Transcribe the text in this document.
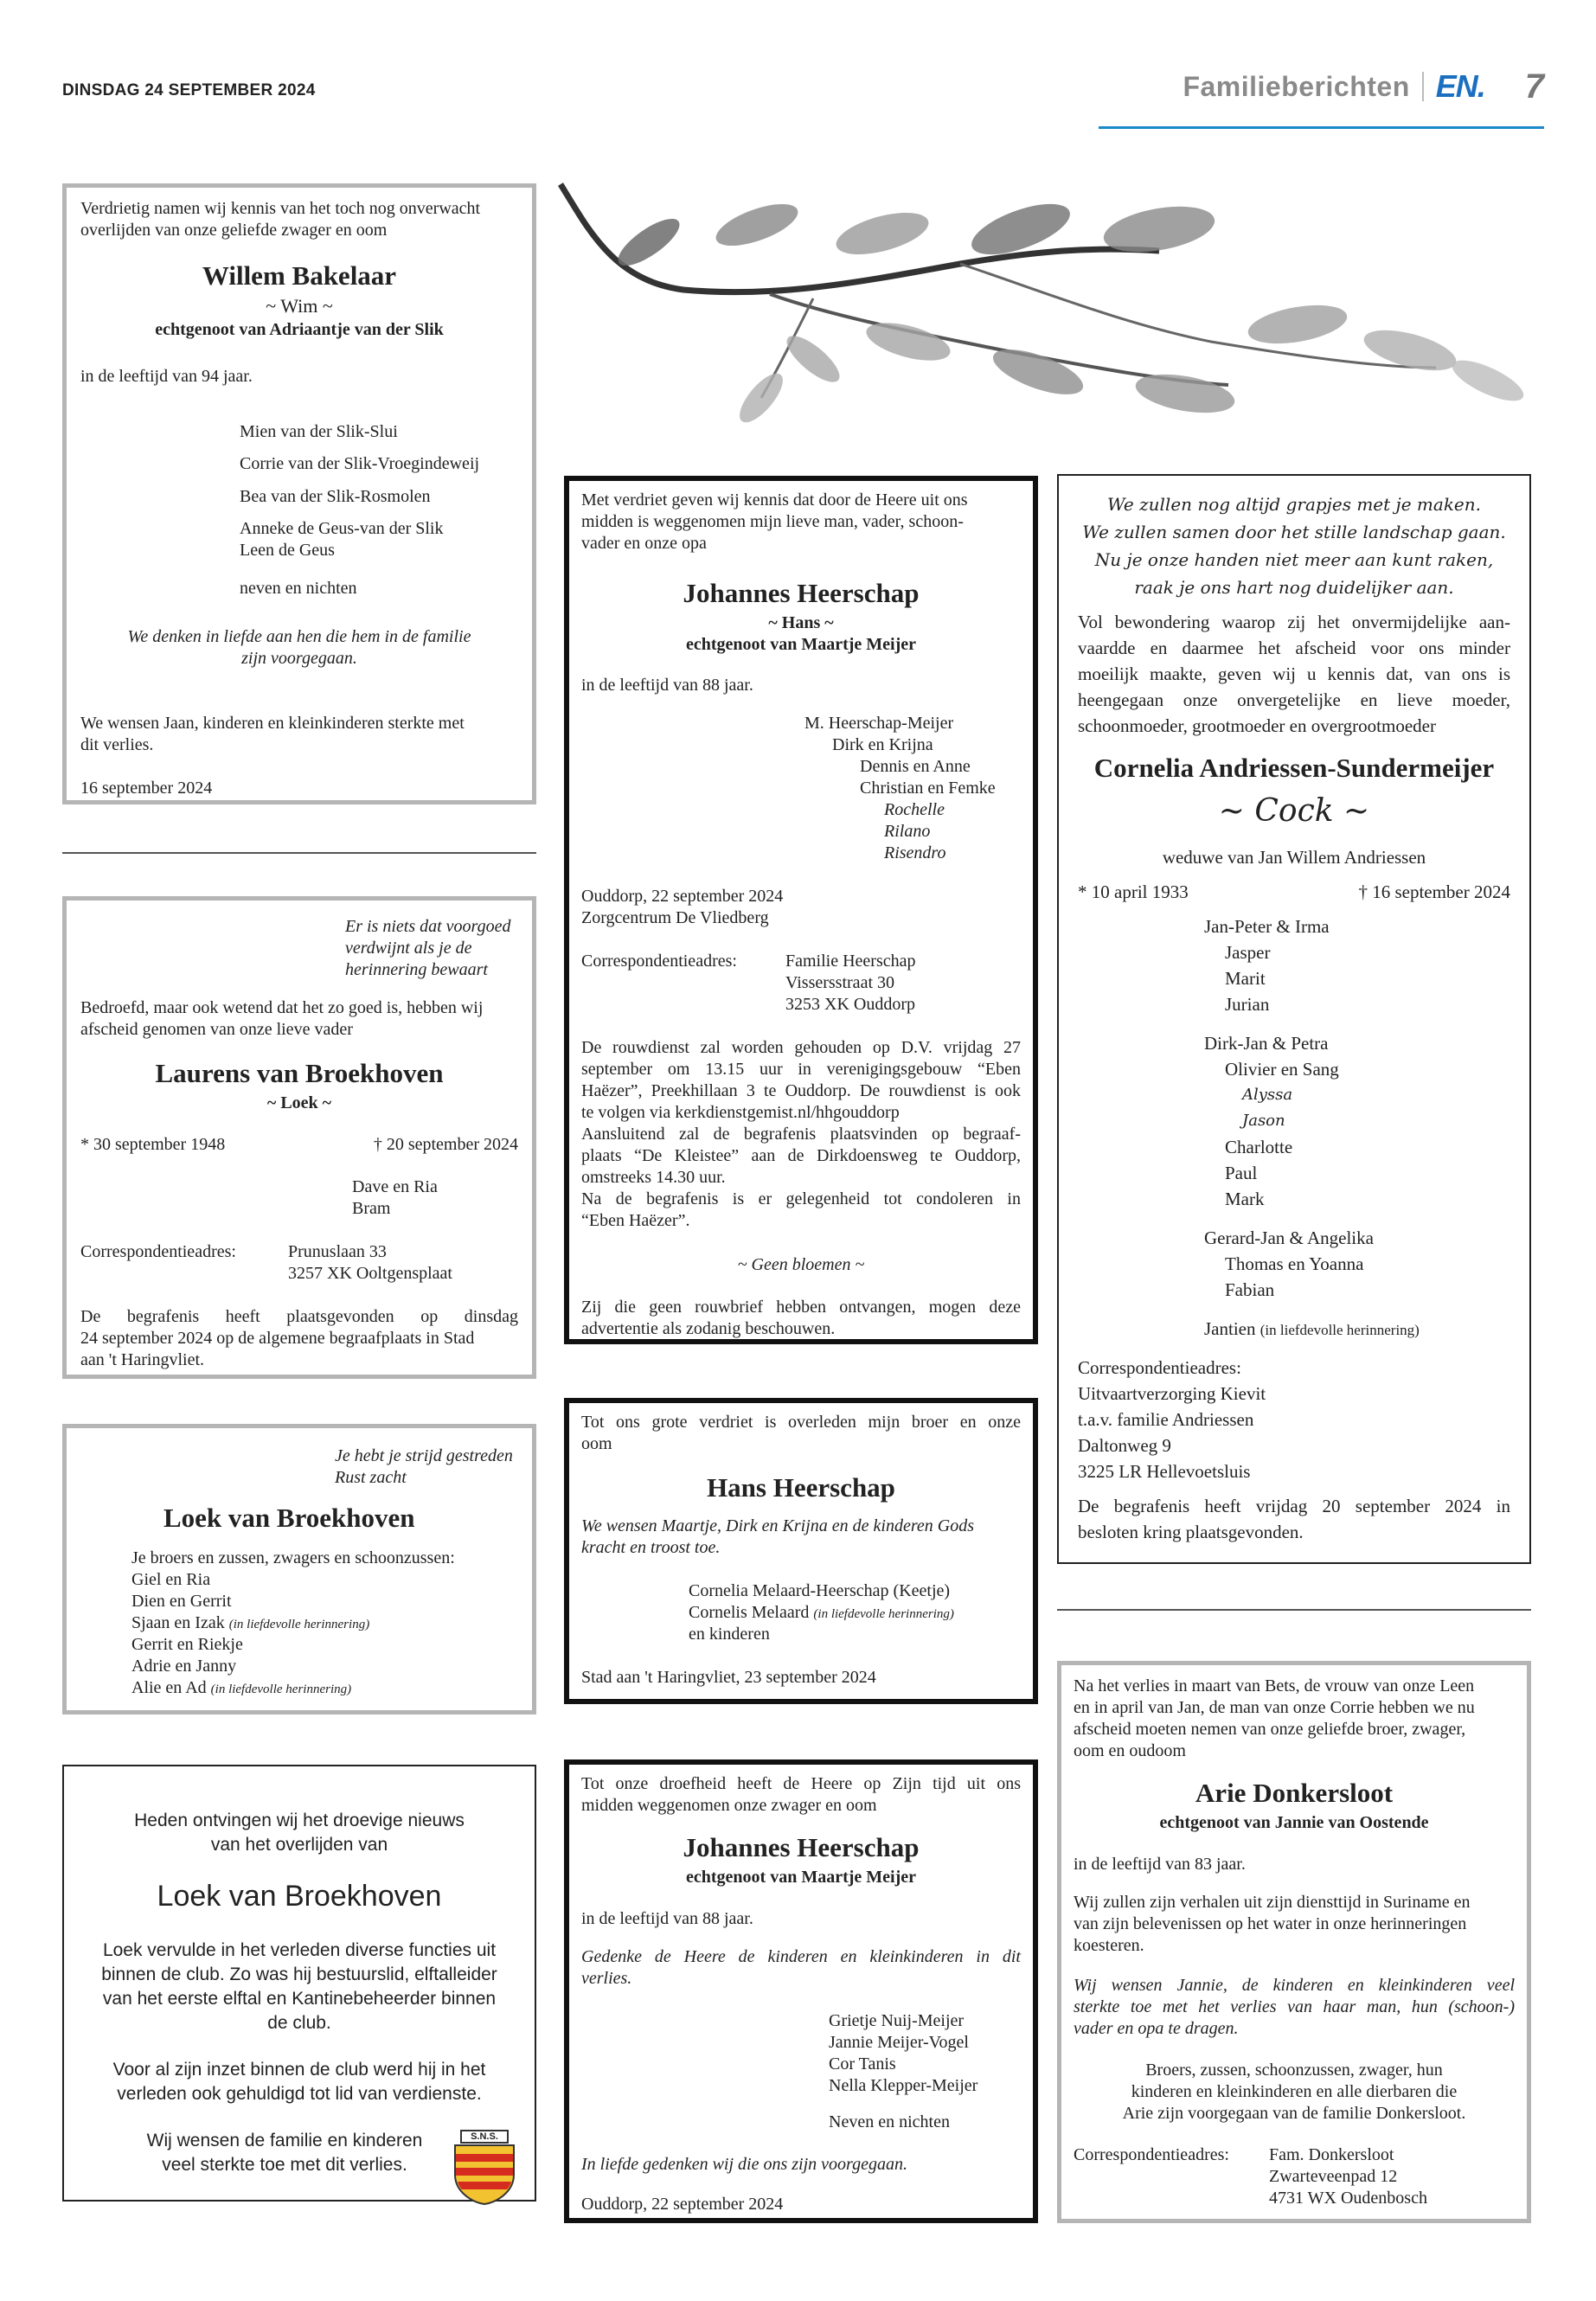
DINSDAG 24 SEPTEMBER 2024	Familieberichten EN. 7
Verdrietig namen wij kennis van het toch nog onverwacht
overlijden van onze geliefde zwager en oom
Willem Bakelaar
~ Wim ~
echtgenoot van Adriaantje van der Slik
in de leeftijd van 94 jaar.
Mien van der Slik-Slui
Corrie van der Slik-Vroegindeweij
Bea van der Slik-Rosmolen
Anneke de Geus-van der Slik
Leen de Geus
neven en nichten
We denken in liefde aan hen die hem in de familie
zijn voorgegaan.
We wensen Jaan, kinderen en kleinkinderen sterkte met
dit verlies.
16 september 2024
Er is niets dat voorgoed
verdwijnt als je de
herinnering bewaart
Bedroefd, maar ook wetend dat het zo goed is, hebben wij
afscheid genomen van onze lieve vader
Laurens van Broekhoven
~ Loek ~
* 30 september 1948	† 20 september 2024
Dave en Ria
Bram
Correspondentieadres:	Prunuslaan 33
3257 XK Ooltgensplaat
De begrafenis heeft plaatsgevonden op dinsdag
24 september 2024 op de algemene begraafplaats in Stad
aan 't Haringvliet.
Je hebt je strijd gestreden
Rust zacht
Loek van Broekhoven
Je broers en zussen, zwagers en schoonzussen:
Giel en Ria
Dien en Gerrit
Sjaan en Izak (in liefdevolle herinnering)
Gerrit en Riekje
Adrie en Janny
Alie en Ad (in liefdevolle herinnering)
Heden ontvingen wij het droevige nieuws
van het overlijden van
Loek van Broekhoven
Loek vervulde in het verleden diverse functies uit
binnen de club. Zo was hij bestuurslid, elftalleider
van het eerste elftal en Kantinebeheerder binnen
de club.
Voor al zijn inzet binnen de club werd hij in het
verleden ook gehuldigd tot lid van verdienste.
Wij wensen de familie en kinderen
veel sterkte toe met dit verlies.
S.N.S.
Met verdriet geven wij kennis dat door de Heere uit ons
midden is weggenomen mijn lieve man, vader, schoon-
vader en onze opa
Johannes Heerschap
~ Hans ~
echtgenoot van Maartje Meijer
in de leeftijd van 88 jaar.
M. Heerschap-Meijer
Dirk en Krijna
Dennis en Anne
Christian en Femke
Rochelle
Rilano
Risendro
Ouddorp, 22 september 2024
Zorgcentrum De Vliedberg
Correspondentieadres:	Familie Heerschap
Vissersstraat 30
3253 XK Ouddorp
De rouwdienst zal worden gehouden op D.V. vrijdag 27
september om 13.15 uur in verenigingsgebouw “Eben
Haëzer”, Preekhillaan 3 te Ouddorp. De rouwdienst is ook
te volgen via kerkdienstgemist.nl/hhgouddorp
Aansluitend zal de begrafenis plaatsvinden op begraaf-
plaats “De Kleistee” aan de Dirkdoensweg te Ouddorp,
omstreeks 14.30 uur.
Na de begrafenis is er gelegenheid tot condoleren in
“Eben Haëzer”.
~ Geen bloemen ~
Zij die geen rouwbrief hebben ontvangen, mogen deze
advertentie als zodanig beschouwen.
Tot ons grote verdriet is overleden mijn broer en onze
oom
Hans Heerschap
We wensen Maartje, Dirk en Krijna en de kinderen Gods
kracht en troost toe.
Cornelia Melaard-Heerschap (Keetje)
Cornelis Melaard (in liefdevolle herinnering)
en kinderen
Stad aan 't Haringvliet, 23 september 2024
Tot onze droefheid heeft de Heere op Zijn tijd uit ons
midden weggenomen onze zwager en oom
Johannes Heerschap
echtgenoot van Maartje Meijer
in de leeftijd van 88 jaar.
Gedenke de Heere de kinderen en kleinkinderen in dit
verlies.
Grietje Nuij-Meijer
Jannie Meijer-Vogel
Cor Tanis
Nella Klepper-Meijer
Neven en nichten
In liefde gedenken wij die ons zijn voorgegaan.
Ouddorp, 22 september 2024
We zullen nog altijd grapjes met je maken.
We zullen samen door het stille landschap gaan.
Nu je onze handen niet meer aan kunt raken,
raak je ons hart nog duidelijker aan.
Vol bewondering waarop zij het onvermijdelijke aan-
vaardde en daarmee het afscheid voor ons minder
moeilijk maakte, geven wij u kennis dat, van ons is
heengegaan onze onvergetelijke en lieve moeder,
schoonmoeder, grootmoeder en overgrootmoeder
Cornelia Andriessen-Sundermeijer
~ Cock ~
weduwe van Jan Willem Andriessen
* 10 april 1933	† 16 september 2024
Jan-Peter & Irma
Jasper
Marit
Jurian
Dirk-Jan & Petra
Olivier en Sang
Alyssa
Jason
Charlotte
Paul
Mark
Gerard-Jan & Angelika
Thomas en Yoanna
Fabian
Jantien (in liefdevolle herinnering)
Correspondentieadres:
Uitvaartverzorging Kievit
t.a.v. familie Andriessen
Daltonweg 9
3225 LR Hellevoetsluis
De begrafenis heeft vrijdag 20 september 2024 in
besloten kring plaatsgevonden.
Na het verlies in maart van Bets, de vrouw van onze Leen
en in april van Jan, de man van onze Corrie hebben we nu
afscheid moeten nemen van onze geliefde broer, zwager,
oom en oudoom
Arie Donkersloot
echtgenoot van Jannie van Oostende
in de leeftijd van 83 jaar.
Wij zullen zijn verhalen uit zijn diensttijd in Suriname en
van zijn belevenissen op het water in onze herinneringen
koesteren.
Wij wensen Jannie, de kinderen en kleinkinderen veel
sterkte toe met het verlies van haar man, hun (schoon-)
vader en opa te dragen.
Broers, zussen, schoonzussen, zwager, hun
kinderen en kleinkinderen en alle dierbaren die
Arie zijn voorgegaan van de familie Donkersloot.
Correspondentieadres: Fam. Donkersloot
Zwarteveenpad 12
4731 WX Oudenbosch
